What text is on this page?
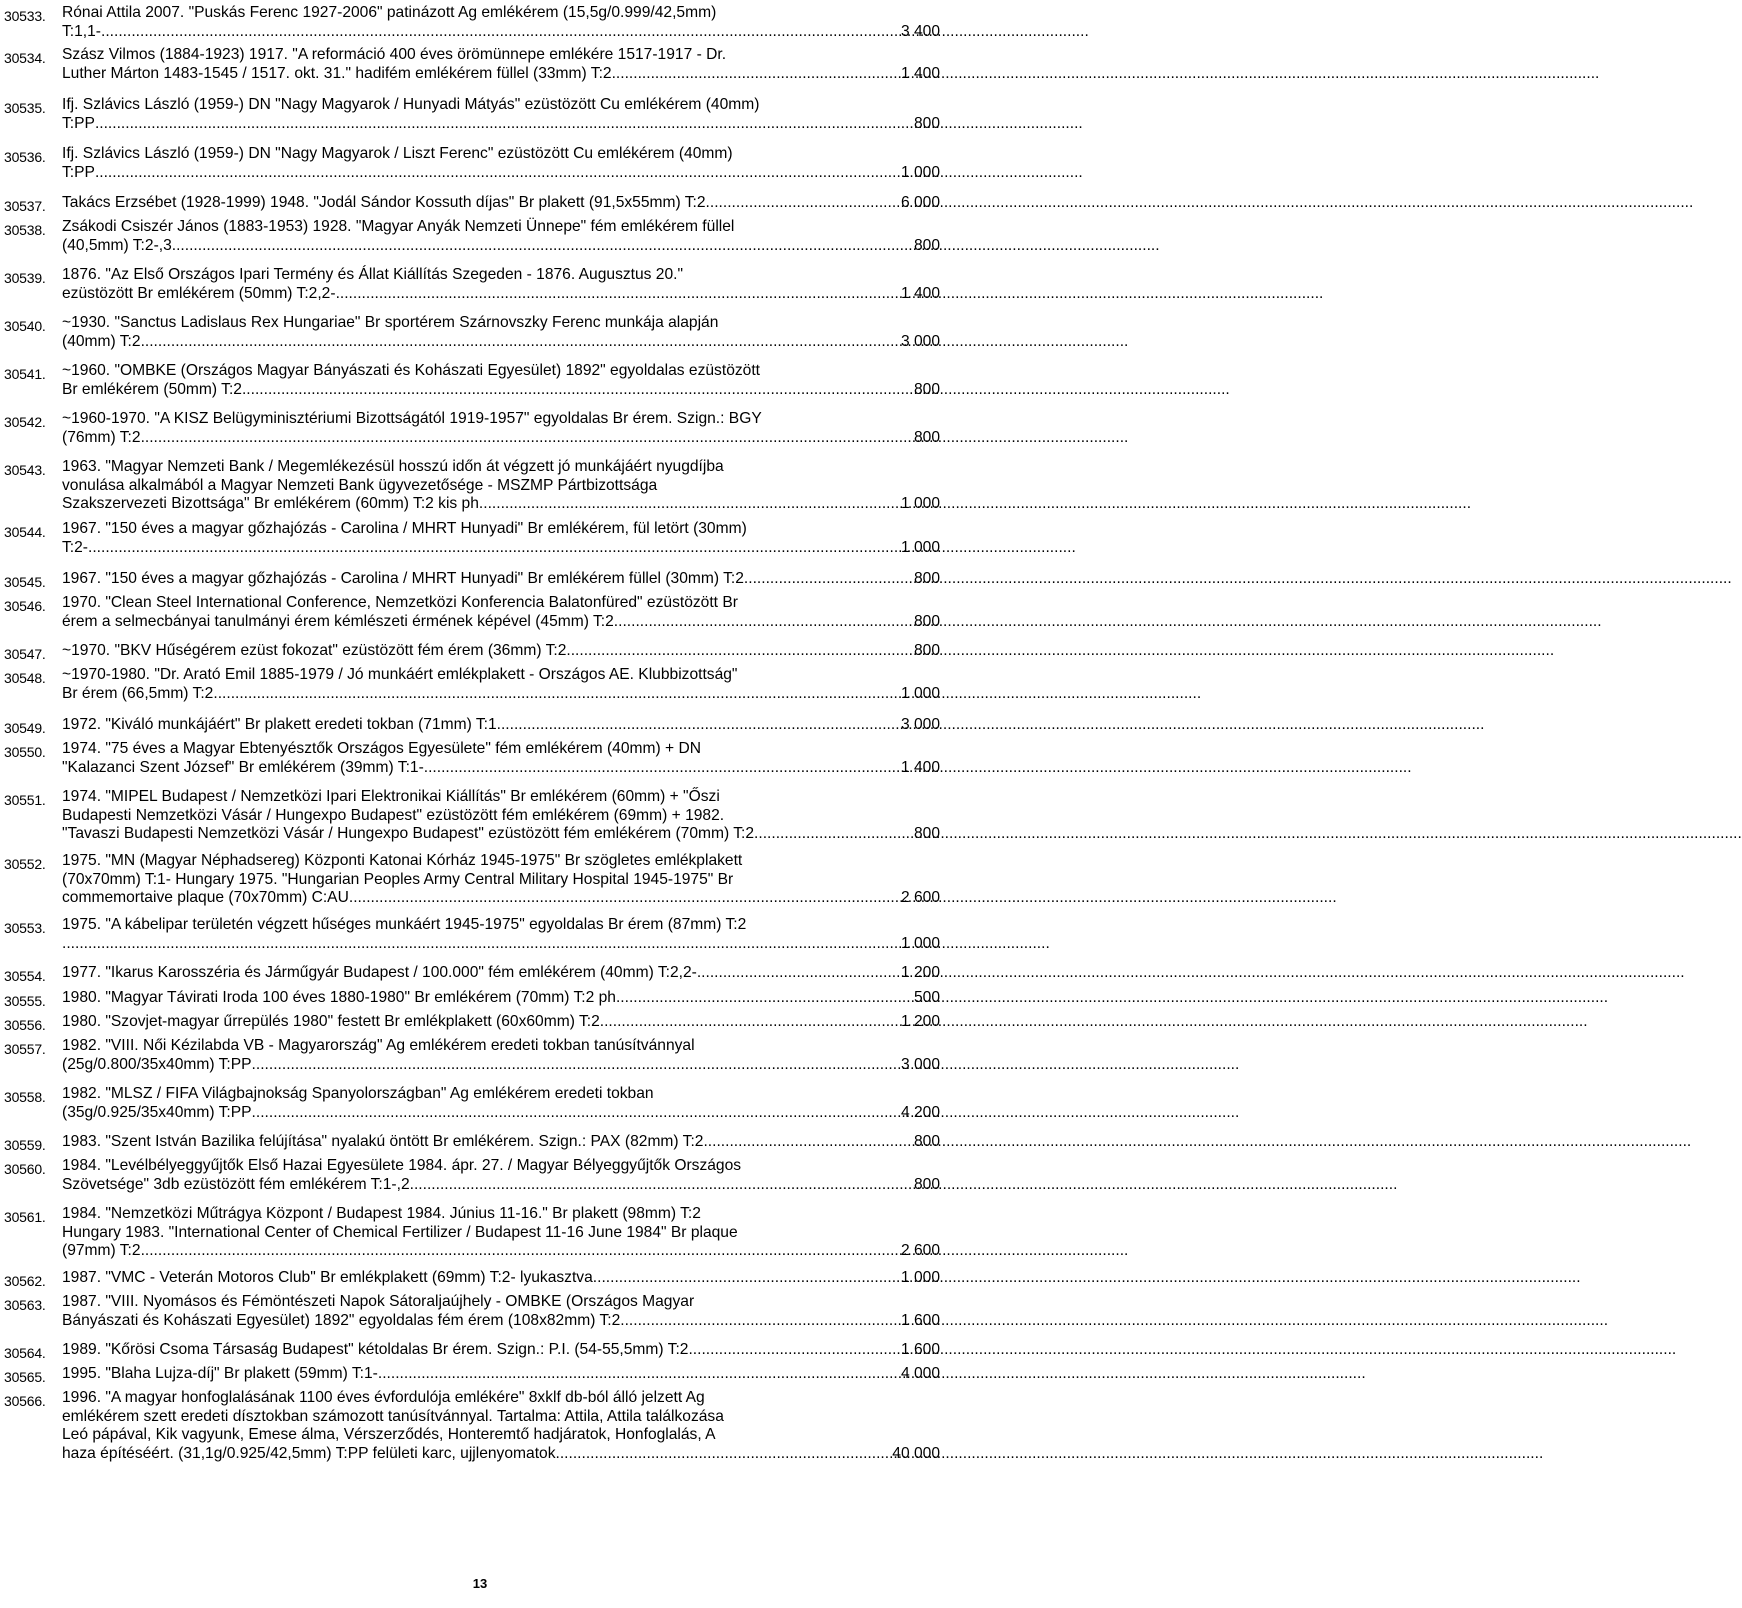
30533.	Rónai Attila 2007. "Puskás Ferenc 1927-2006" patinázott Ag emlékérem (15,5g/0.999/42,5mm)
T:1,1- .....	3 400
30534.	Szász Vilmos (1884-1923) 1917. "A reformáció 400 éves örömünnepe emlékére 1517-1917 - Dr.
Luther Márton 1483-1545 / 1517. okt. 31." hadifém emlékérem füllel (33mm) T:2 .....	1 400
30535.	Ifj. Szlávics László (1959-) DN "Nagy Magyarok / Hunyadi Mátyás" ezüstözött Cu emlékérem (40mm)
T:PP .....	800
30536.	Ifj. Szlávics László (1959-) DN "Nagy Magyarok / Liszt Ferenc" ezüstözött Cu emlékérem (40mm)
T:PP .....	1 000
30537.	Takács Erzsébet (1928-1999) 1948. "Jodál Sándor Kossuth díjas" Br plakett (91,5x55mm) T:2 .....	6 000
30538.	Zsákodi Csiszér János (1883-1953) 1928. "Magyar Anyák Nemzeti Ünnepe" fém emlékérem füllel
(40,5mm) T:2-,3 .....	800
30539.	1876. "Az Első Országos Ipari Termény és Állat Kiállítás Szegeden - 1876. Augusztus 20."
ezüstözött Br emlékérem (50mm) T:2,2- .....	1 400
30540.	~1930. "Sanctus Ladislaus Rex Hungariae" Br sportérem Szárnovszky Ferenc munkája alapján
(40mm) T:2 .....	3 000
30541.	~1960. "OMBKE (Országos Magyar Bányászati és Kohászati Egyesület) 1892" egyoldalas ezüstözött
Br emlékérem (50mm) T:2 .....	800
30542.	~1960-1970. "A KISZ Belügyminisztériumi Bizottságától 1919-1957" egyoldalas Br érem. Szign.: BGY
(76mm) T:2 .....	800
30543.	1963. "Magyar Nemzeti Bank / Megemlékezésül hosszú időn át végzett jó munkájáért nyugdíjba
vonulása alkalmából a Magyar Nemzeti Bank ügyvezetősége - MSZMP Pártbizottsága
Szakszervezeti Bizottsága" Br emlékérem (60mm) T:2 kis ph. .....	1 000
30544.	1967. "150 éves a magyar gőzhajózás - Carolina / MHRT Hunyadi" Br emlékérem, fül letört (30mm)
T:2- .....	1 000
30545.	1967. "150 éves a magyar gőzhajózás - Carolina / MHRT Hunyadi" Br emlékérem füllel (30mm) T:2 .....	800
30546.	1970. "Clean Steel International Conference, Nemzetközi Konferencia Balatonfüred" ezüstözött Br
érem a selmecbányai tanulmányi érem kémlészeti érmének képével (45mm) T:2 .....	800
30547.	~1970. "BKV Hűségérem ezüst fokozat" ezüstözött fém érem (36mm) T:2 .....	800
30548.	~1970-1980. "Dr. Arató Emil 1885-1979 / Jó munkáért emlékplakett - Országos AE. Klubbizottság"
Br érem (66,5mm) T:2 .....	1 000
30549.	1972. "Kiváló munkájáért" Br plakett eredeti tokban (71mm) T:1 .....	3 000
30550.	1974. "75 éves a Magyar Ebtenyésztők Országos Egyesülete" fém emlékérem (40mm) + DN
"Kalazanci Szent József" Br emlékérem (39mm) T:1- .....	1 400
30551.	1974. "MIPEL Budapest / Nemzetközi Ipari Elektronikai Kiállítás" Br emlékérem (60mm) + "Őszi
Budapesti Nemzetközi Vásár / Hungexpo Budapest" ezüstözött fém emlékérem (69mm) + 1982.
"Tavaszi Budapesti Nemzetközi Vásár / Hungexpo Budapest" ezüstözött fém emlékérem (70mm) T:2 .....	800
30552.	1975. "MN (Magyar Néphadsereg) Központi Katonai Kórház 1945-1975" Br szögletes emlékplakett
(70x70mm) T:1- Hungary 1975. "Hungarian Peoples Army Central Military Hospital 1945-1975" Br
commemortaive plaque (70x70mm) C:AU .....	2 600
30553.	1975. "A kábelipar területén végzett hűséges munkáért 1945-1975" egyoldalas Br érem (87mm) T:2
.....
1 000
30554.	1977. "Ikarus Karosszéria és Járműgyár Budapest / 100.000" fém emlékérem (40mm) T:2,2- .....	1 200
30555.	1980. "Magyar Távirati Iroda 100 éves 1880-1980" Br emlékérem (70mm) T:2 ph. .....	500
30556.	1980. "Szovjet-magyar űrrepülés 1980" festett Br emlékplakett (60x60mm) T:2 .....	1 200
30557.	1982. "VIII. Női Kézilabda VB - Magyarország" Ag emlékérem eredeti tokban tanúsítvánnyal
(25g/0.800/35x40mm) T:PP .....	3 000
30558.	1982. "MLSZ / FIFA Világbajnokság Spanyolországban" Ag emlékérem eredeti tokban
(35g/0.925/35x40mm) T:PP .....	4 200
30559.	1983. "Szent István Bazilika felújítása" nyalakú öntött Br emlékérem. Szign.: PAX (82mm) T:2 .....	800
30560.	1984. "Levélbélyeggyűjtők Első Hazai Egyesülete 1984. ápr. 27. / Magyar Bélyeggyűjtők Országos
Szövetsége" 3db ezüstözött fém emlékérem T:1-,2 .....	800
30561.	1984. "Nemzetközi Műtrágya Központ / Budapest 1984. Június 11-16." Br plakett (98mm) T:2
Hungary 1983. "International Center of Chemical Fertilizer / Budapest 11-16 June 1984" Br plaque
(97mm) T:2 .....	2 600
30562.	1987. "VMC - Veterán Motoros Club" Br emlékplakett (69mm) T:2- lyukasztva .....	1 000
30563.	1987. "VIII. Nyomásos és Fémöntészeti Napok Sátoraljaújhely - OMBKE (Országos Magyar
Bányászati és Kohászati Egyesület) 1892" egyoldalas fém érem (108x82mm) T:2 .....	1 600
30564.	1989. "Kőrösi Csoma Társaság Budapest" kétoldalas Br érem. Szign.: P.I. (54-55,5mm) T:2 .....	1 600
30565.	1995. "Blaha Lujza-díj" Br plakett (59mm) T:1- .....	4 000
30566.	1996. "A magyar honfoglalásának 1100 éves évfordulója emlékére" 8xklf db-ból álló jelzett Ag
emlékérem szett eredeti dísztokban számozott tanúsítvánnyal. Tartalma: Attila, Attila találkozása
Leó pápával, Kik vagyunk, Emese álma, Vérszerződés, Honteremtő hadjáratok, Honfoglalás, A
haza építéséért. (31,1g/0.925/42,5mm) T:PP felületi karc, ujjlenyomatok .....	40 000
13
